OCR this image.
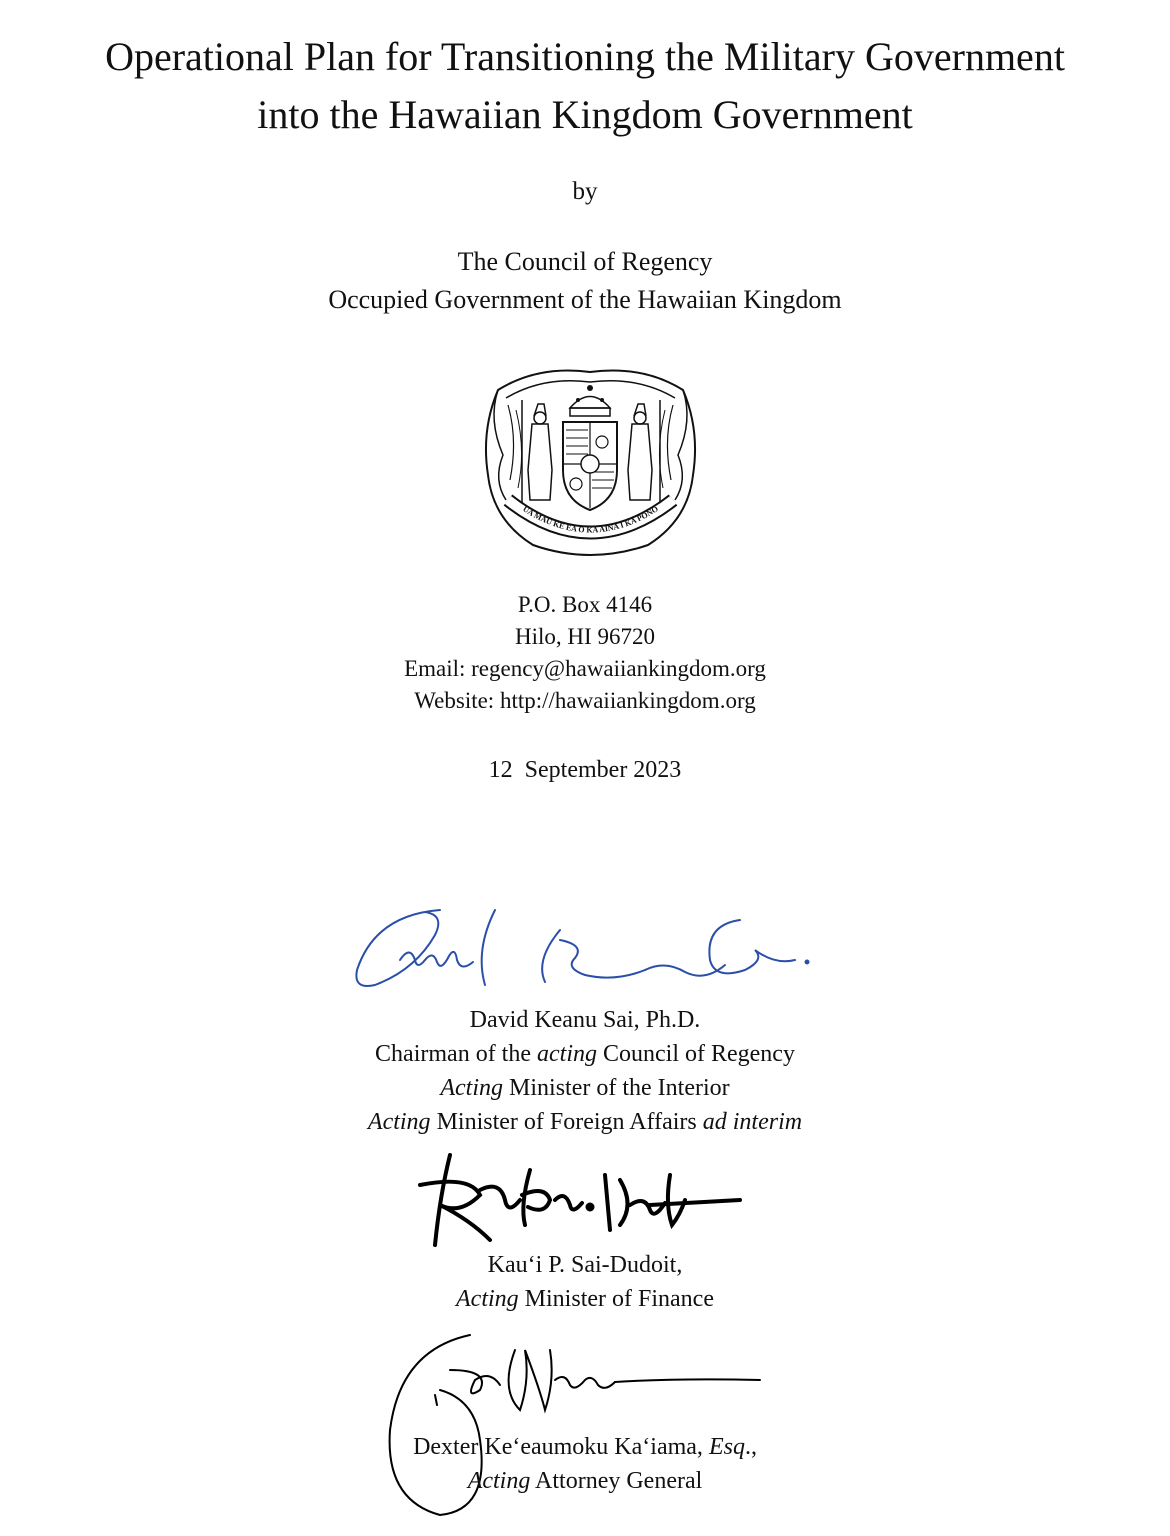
Operational Plan for Transitioning the Military Government
into the Hawaiian Kingdom Government
by
The Council of Regency
Occupied Government of the Hawaiian Kingdom
UA MAU KE EA O KA AINA I KA PONO
P.O. Box 4146
Hilo, HI 96720
Email: regency@hawaiiankingdom.org
Website: http://hawaiiankingdom.org
12  September 2023
David Keanu Sai, Ph.D.
Chairman of the acting Council of Regency
Acting Minister of the Interior
Acting Minister of Foreign Affairs ad interim
Kau‘i P. Sai-Dudoit,
Acting Minister of Finance
Dexter Ke‘eaumoku Ka‘iama, Esq.,
Acting Attorney General
